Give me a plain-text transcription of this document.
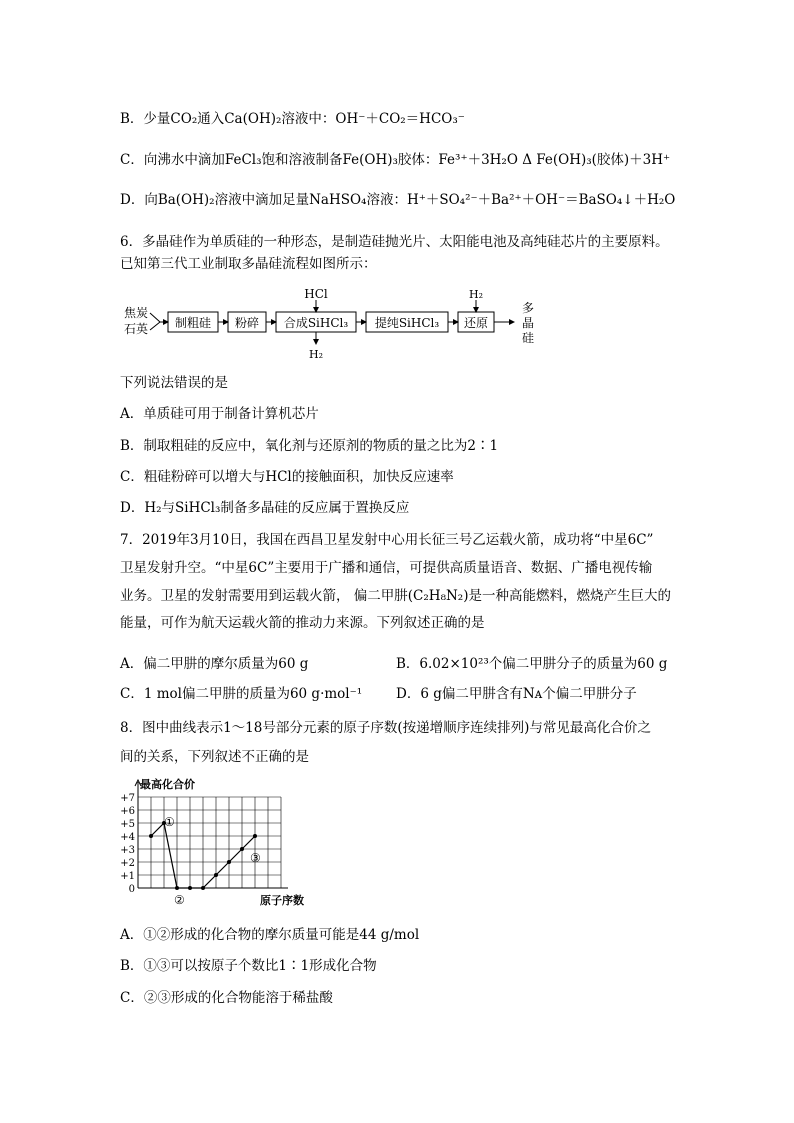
B．少量CO₂通入Ca(OH)₂溶液中：OH⁻＋CO₂＝HCO₃⁻
C．向沸水中滴加FeCl₃饱和溶液制备Fe(OH)₃胶体：Fe³⁺＋3H₂O Δ Fe(OH)₃(胶体)＋3H⁺
D．向Ba(OH)₂溶液中滴加足量NaHSO₄溶液：H⁺＋SO₄²⁻＋Ba²⁺＋OH⁻＝BaSO₄↓＋H₂O
6．多晶硅作为单质硅的一种形态，是制造硅抛光片、太阳能电池及高纯硅芯片的主要原料。
已知第三代工业制取多晶硅流程如图所示：
焦炭
石英 制粗硅 粉碎 合成SiHCl₃
HCl
H₂
提纯SiHCl₃ 还原
H₂
多
晶
硅
下列说法错误的是
A．单质硅可用于制备计算机芯片
B．制取粗硅的反应中，氧化剂与还原剂的物质的量之比为2∶1
C．粗硅粉碎可以增大与HCl的接触面积，加快反应速率
D．H₂与SiHCl₃制备多晶硅的反应属于置换反应
7．2019年3月10日，我国在西昌卫星发射中心用长征三号乙运载火箭，成功将“中星6C”
卫星发射升空。“中星6C”主要用于广播和通信，可提供高质量语音、数据、广播电视传输
业务。卫星的发射需要用到运载火箭， 偏二甲肼(C₂H₈N₂)是一种高能燃料，燃烧产生巨大的
能量，可作为航天运载火箭的推动力来源。下列叙述正确的是
A．偏二甲肼的摩尔质量为60 g	B．6.02×10²³个偏二甲肼分子的质量为60 g
C．1 mol偏二甲肼的质量为60 g·mol⁻¹	D．6 g偏二甲肼含有Nᴀ个偏二甲肼分子
8．图中曲线表示1～18号部分元素的原子序数(按递增顺序连续排列)与常见最高化合价之
间的关系，下列叙述不正确的是
最高化合价
+7
+6
+5
+4
+3
+2
+1
0
①
②
③
原子序数
A．①②形成的化合物的摩尔质量可能是44 g/mol
B．①③可以按原子个数比1∶1形成化合物
C．②③形成的化合物能溶于稀盐酸
